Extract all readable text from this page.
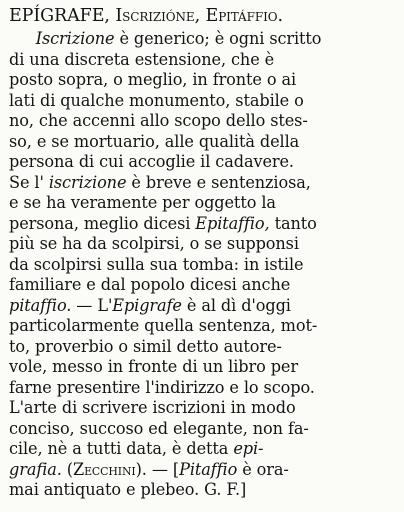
EPÍGRAFE, Iscrizióne, Epitáffio.
Iscrizione è generico; è ogni scritto
di una discreta estensione, che è
posto sopra, o meglio, in fronte o ai
lati di qualche monumento, stabile o
no, che accenni allo scopo dello stes-
so, e se mortuario, alle qualità della
persona di cui accoglie il cadavere.
Se l' iscrizione è breve e sentenziosa,
e se ha veramente per oggetto la
persona, meglio dicesi Epitaffio, tanto
più se ha da scolpirsi, o se supponsi
da scolpirsi sulla sua tomba: in istile
familiare e dal popolo dicesi anche
pitaffio. — L'Epigrafe è al dì d'oggi
particolarmente quella sentenza, mot-
to, proverbio o simil detto autore-
vole, messo in fronte di un libro per
farne presentire l'indirizzo e lo scopo.
L'arte di scrivere iscrizioni in modo
conciso, succoso ed elegante, non fa-
cile, nè a tutti data, è detta epi-
grafia. (Zecchini). — [Pitaffio è ora-
mai antiquato e plebeo. G. F.]
